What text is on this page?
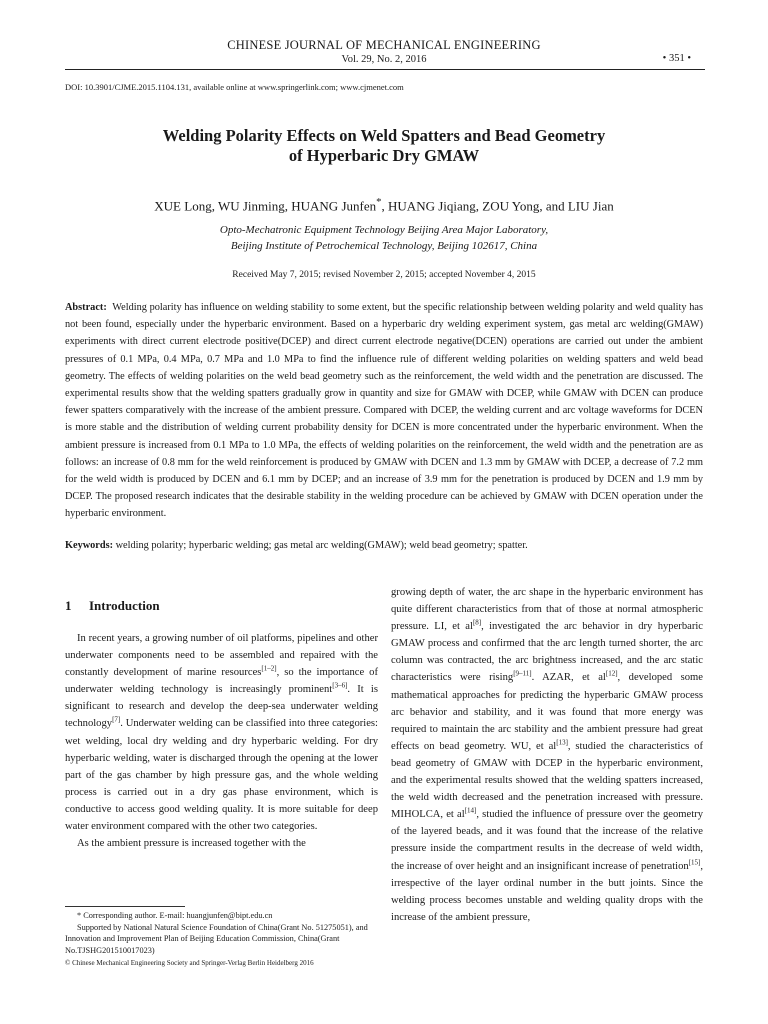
CHINESE JOURNAL OF MECHANICAL ENGINEERING
Vol. 29, No. 2, 2016	• 351 •
DOI: 10.3901/CJME.2015.1104.131, available online at www.springerlink.com; www.cjmenet.com
Welding Polarity Effects on Weld Spatters and Bead Geometry
of Hyperbaric Dry GMAW
XUE Long, WU Jinming, HUANG Junfen*, HUANG Jiqiang, ZOU Yong, and LIU Jian
Opto-Mechatronic Equipment Technology Beijing Area Major Laboratory,
Beijing Institute of Petrochemical Technology, Beijing 102617, China
Received May 7, 2015; revised November 2, 2015; accepted November 4, 2015
Abstract: Welding polarity has influence on welding stability to some extent, but the specific relationship between welding polarity and weld quality has not been found, especially under the hyperbaric environment. Based on a hyperbaric dry welding experiment system, gas metal arc welding(GMAW) experiments with direct current electrode positive(DCEP) and direct current electrode negative(DCEN) operations are carried out under the ambient pressures of 0.1 MPa, 0.4 MPa, 0.7 MPa and 1.0 MPa to find the influence rule of different welding polarities on welding spatters and weld bead geometry. The effects of welding polarities on the weld bead geometry such as the reinforcement, the weld width and the penetration are discussed. The experimental results show that the welding spatters gradually grow in quantity and size for GMAW with DCEP, while GMAW with DCEN can produce fewer spatters comparatively with the increase of the ambient pressure. Compared with DCEP, the welding current and arc voltage waveforms for DCEN is more stable and the distribution of welding current probability density for DCEN is more concentrated under the hyperbaric environment. When the ambient pressure is increased from 0.1 MPa to 1.0 MPa, the effects of welding polarities on the reinforcement, the weld width and the penetration are as follows: an increase of 0.8 mm for the weld reinforcement is produced by GMAW with DCEN and 1.3 mm by GMAW with DCEP, a decrease of 7.2 mm for the weld width is produced by DCEN and 6.1 mm by DCEP; and an increase of 3.9 mm for the penetration is produced by DCEN and 1.9 mm by DCEP. The proposed research indicates that the desirable stability in the welding procedure can be achieved by GMAW with DCEN operation under the hyperbaric environment.
Keywords: welding polarity; hyperbaric welding; gas metal arc welding(GMAW); weld bead geometry; spatter.
1 Introduction

In recent years, a growing number of oil platforms, pipelines and other underwater components need to be assembled and repaired with the constantly development of marine resources[1–2], so the importance of underwater welding technology is increasingly prominent[3–6]. It is significant to research and develop the deep-sea underwater welding technology[7]. Underwater welding can be classified into three categories: wet welding, local dry welding and dry hyperbaric welding. For dry hyperbaric welding, water is discharged through the opening at the lower part of the gas chamber by high pressure gas, and the whole welding process is carried out in a dry gas phase environment, which is conductive to access good welding quality. It is more suitable for deep water environment compared with the other two categories.

As the ambient pressure is increased together with the

growing depth of water, the arc shape in the hyperbaric environment has quite different characteristics from that of those at normal atmospheric pressure. LI, et al[8], investigated the arc behavior in dry hyperbaric GMAW process and confirmed that the arc length turned shorter, the arc column was contracted, the arc brightness increased, and the arc static characteristics were rising[9–11]. AZAR, et al[12], developed some mathematical approaches for predicting the hyperbaric GMAW process arc behavior and stability, and it was found that more energy was required to maintain the arc stability and the ambient pressure had great effects on bead geometry. WU, et al[13], studied the characteristics of bead geometry of GMAW with DCEP in the hyperbaric environment, and the experimental results showed that the welding spatters increased, the weld width decreased and the penetration increased with pressure. MIHOLCA, et al[14], studied the influence of pressure over the geometry of the layered beads, and it was found that the increase of the relative pressure inside the compartment results in the decrease of weld width, the increase of over height and an insignificant increase of penetration[15], irrespective of the layer ordinal number in the butt joints. Since the welding process becomes unstable and welding quality drops with the increase of the ambient pressure,

* Corresponding author. E-mail: huangjunfen@bipt.edu.cn

Supported by National Natural Science Foundation of China(Grant No. 51275051), and Innovation and Improvement Plan of Beijing Education Commission, China(Grant No.TJSHG201510017023)

© Chinese Mechanical Engineering Society and Springer-Verlag Berlin Heidelberg 2016
